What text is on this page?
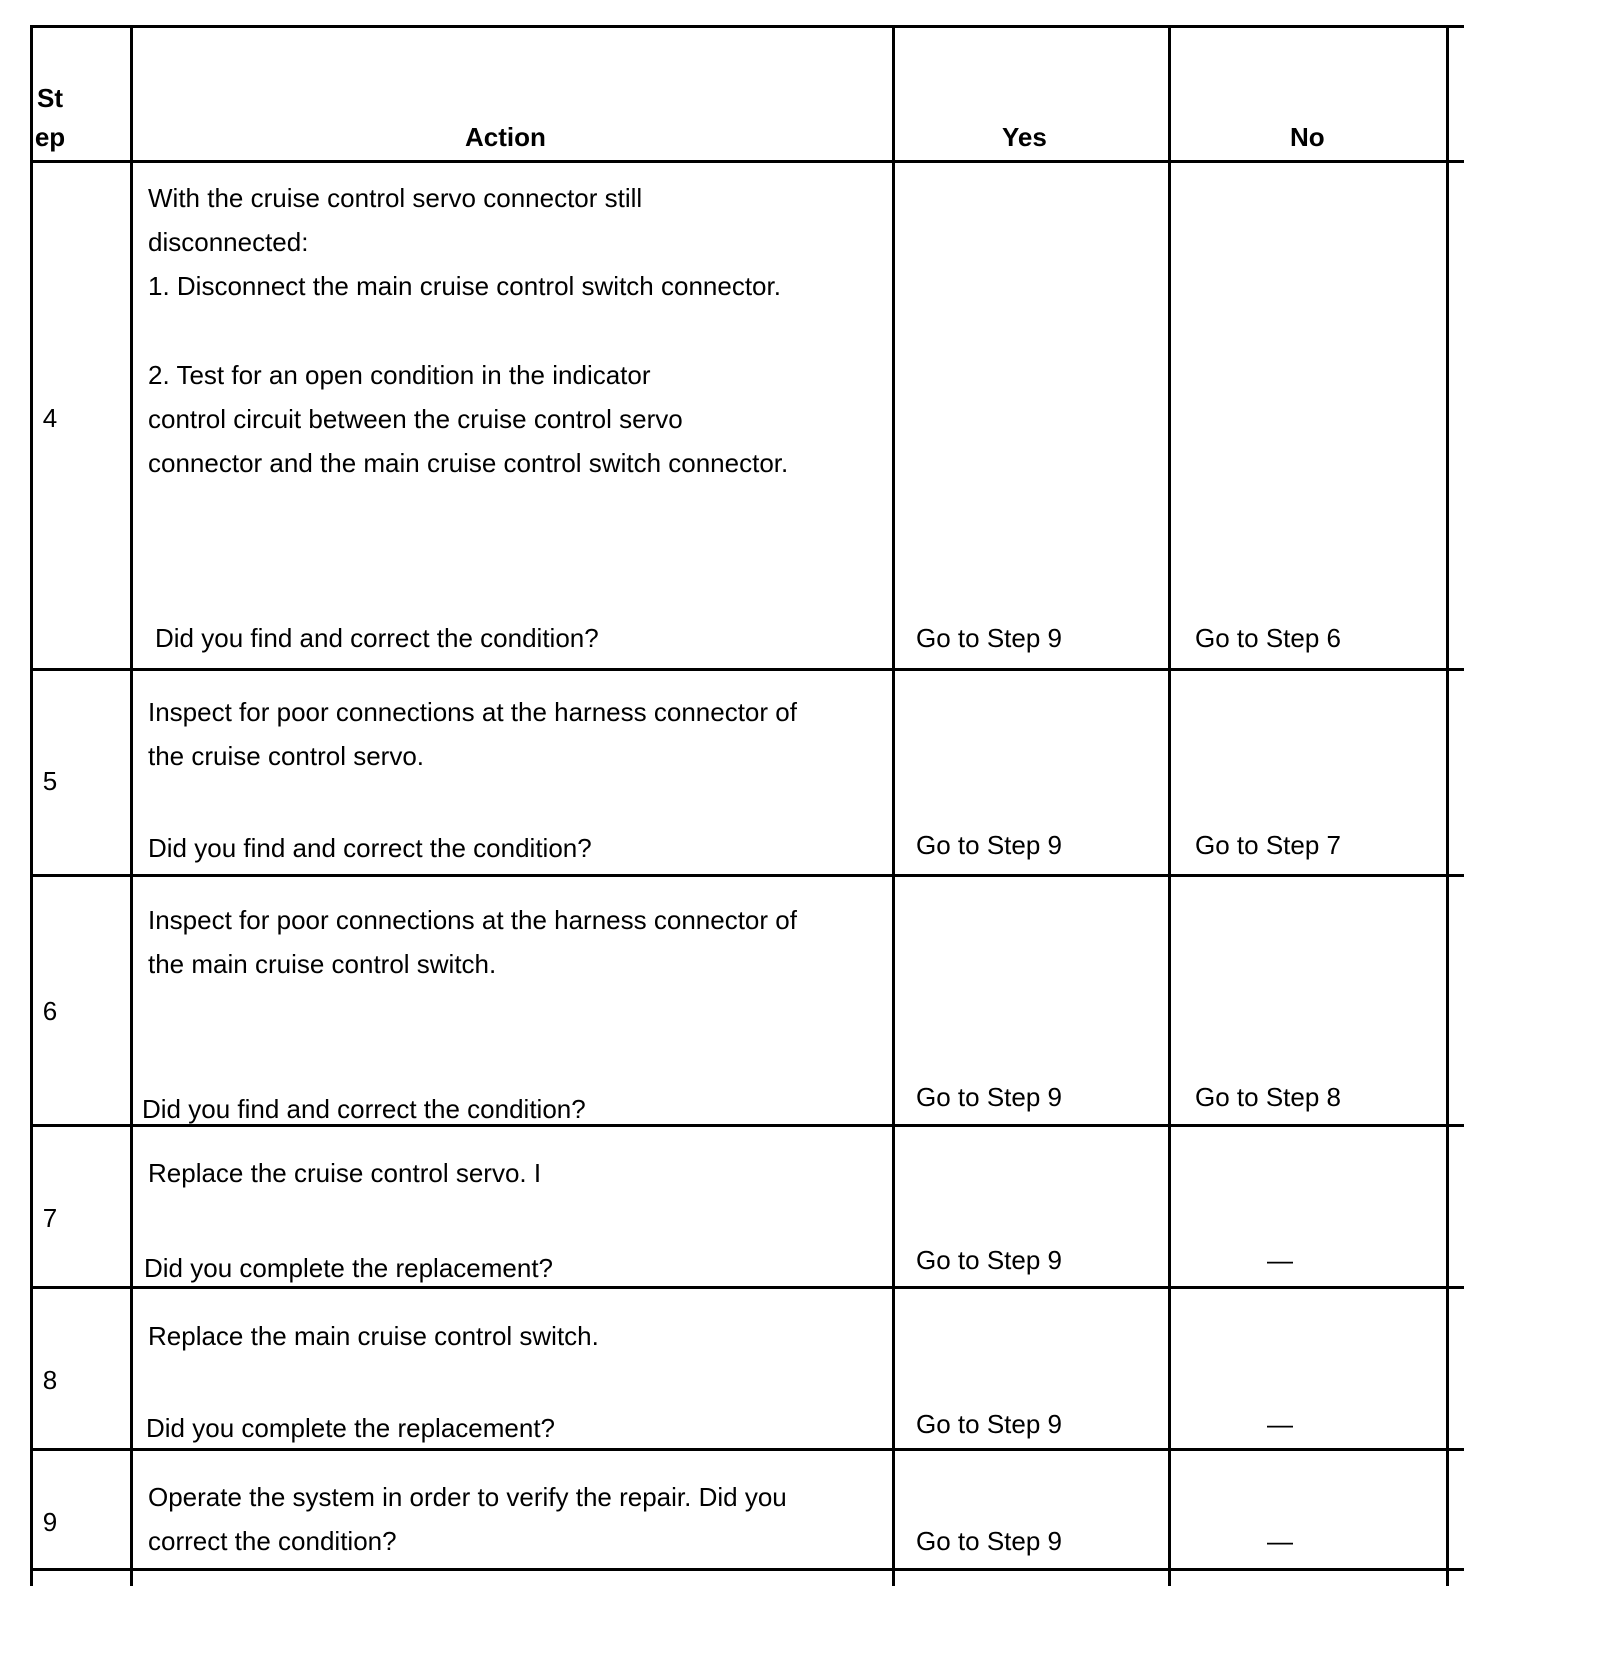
St
ep	Action	Yes	No
4
With the cruise control servo connector still
disconnected:
1. Disconnect the main cruise control switch connector.
2. Test for an open condition in the indicator
control circuit between the cruise control servo
connector and the main cruise control switch connector.
Did you find and correct the condition?	Go to Step 9	Go to Step 6
5
Inspect for poor connections at the harness connector of
the cruise control servo.
Did you find and correct the condition?	Go to Step 9	Go to Step 7
6
Inspect for poor connections at the harness connector of
the main cruise control switch.
Did you find and correct the condition?	Go to Step 9	Go to Step 8
7
Replace the cruise control servo. I
Did you complete the replacement?	Go to Step 9	—
8
Replace the main cruise control switch.
Did you complete the replacement?	Go to Step 9	—
9
Operate the system in order to verify the repair. Did you
correct the condition?	Go to Step 9	—
